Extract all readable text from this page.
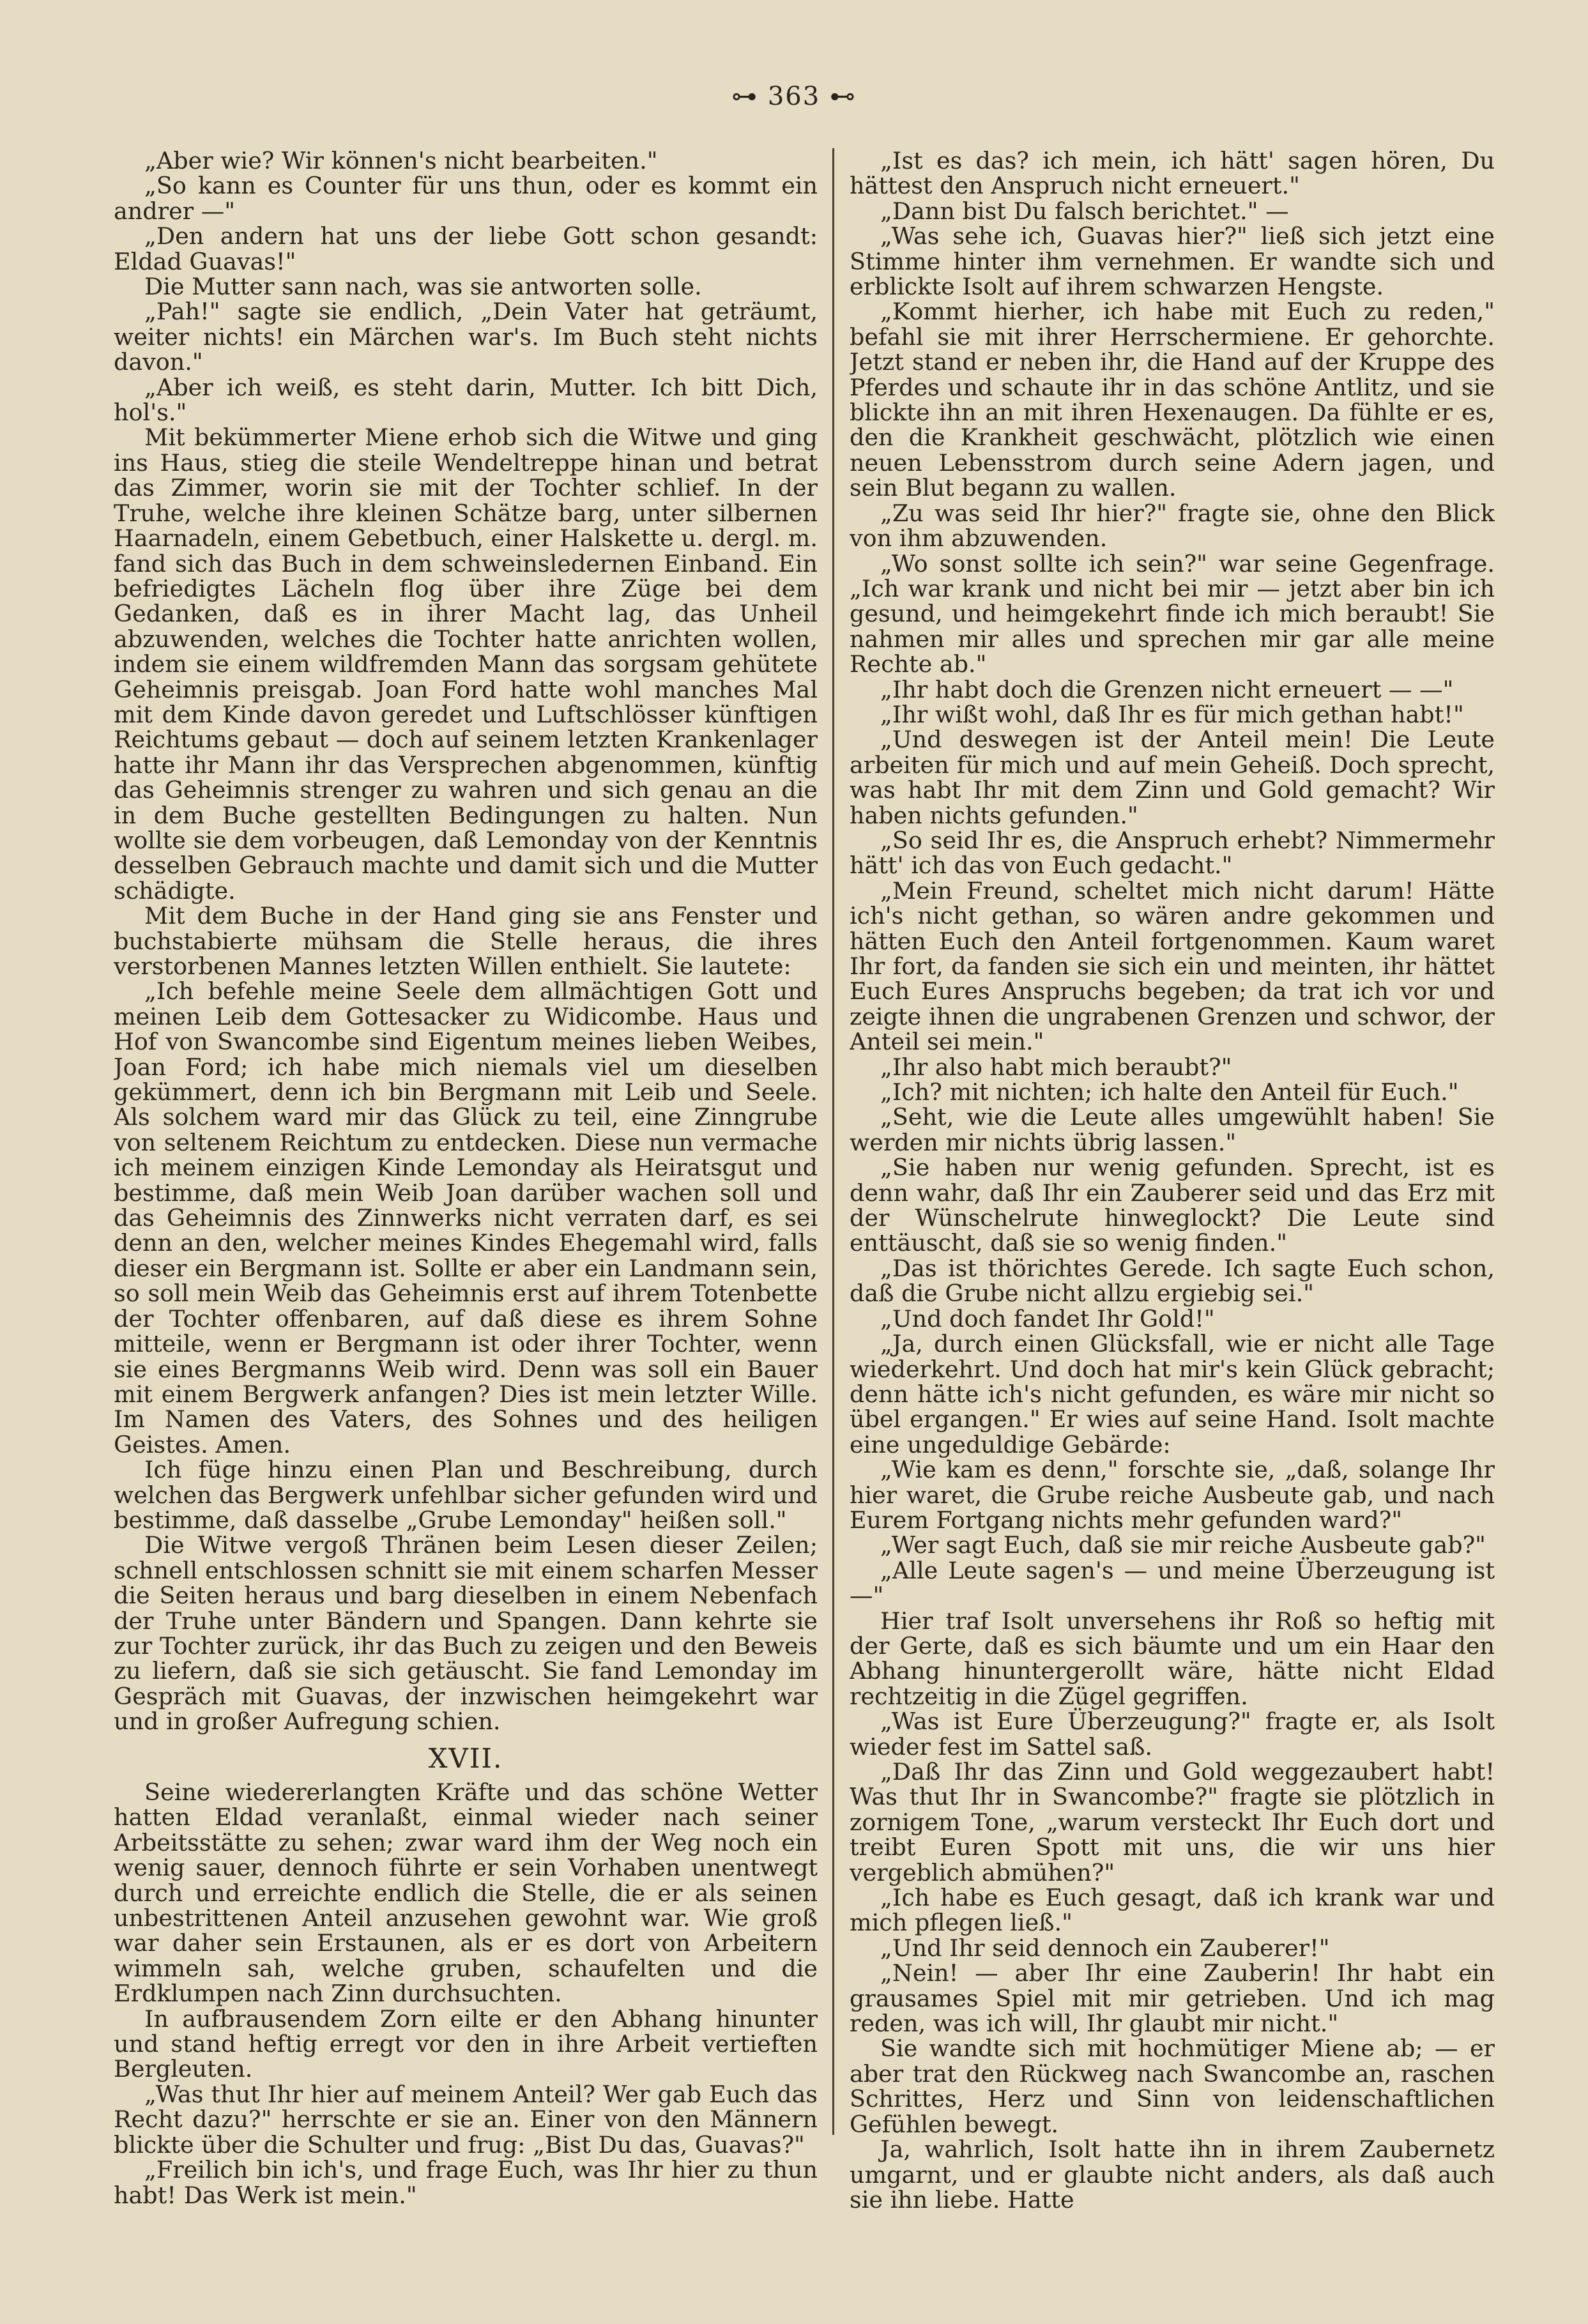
⊶ 363 ⊷

„Aber wie? Wir können's nicht bearbeiten."

„So kann es Counter für uns thun, oder es kommt ein andrer —"

„Den andern hat uns der liebe Gott schon gesandt: Eldad Guavas!"

Die Mutter sann nach, was sie antworten solle.

„Pah!" sagte sie endlich, „Dein Vater hat geträumt, weiter nichts! ein Märchen war's. Im Buch steht nichts davon."

„Aber ich weiß, es steht darin, Mutter. Ich bitt Dich, hol's."

Mit bekümmerter Miene erhob sich die Witwe und ging ins Haus, stieg die steile Wendeltreppe hinan und betrat das Zimmer, worin sie mit der Tochter schlief. In der Truhe, welche ihre kleinen Schätze barg, unter silbernen Haarnadeln, einem Gebetbuch, einer Halskette u. dergl. m. fand sich das Buch in dem schweinsledernen Einband. Ein befriedigtes Lächeln flog über ihre Züge bei dem Gedanken, daß es in ihrer Macht lag, das Unheil abzuwenden, welches die Tochter hatte anrichten wollen, indem sie einem wildfremden Mann das sorgsam gehütete Geheimnis preisgab. Joan Ford hatte wohl manches Mal mit dem Kinde davon geredet und Luftschlösser künftigen Reichtums gebaut — doch auf seinem letzten Krankenlager hatte ihr Mann ihr das Versprechen abgenommen, künftig das Geheimnis strenger zu wahren und sich genau an die in dem Buche gestellten Bedingungen zu halten. Nun wollte sie dem vorbeugen, daß Lemonday von der Kenntnis desselben Gebrauch machte und damit sich und die Mutter schädigte.

Mit dem Buche in der Hand ging sie ans Fenster und buchstabierte mühsam die Stelle heraus, die ihres verstorbenen Mannes letzten Willen enthielt. Sie lautete:

„Ich befehle meine Seele dem allmächtigen Gott und meinen Leib dem Gottesacker zu Widicombe. Haus und Hof von Swancombe sind Eigentum meines lieben Weibes, Joan Ford; ich habe mich niemals viel um dieselben gekümmert, denn ich bin Bergmann mit Leib und Seele. Als solchem ward mir das Glück zu teil, eine Zinngrube von seltenem Reichtum zu entdecken. Diese nun vermache ich meinem einzigen Kinde Lemonday als Heiratsgut und bestimme, daß mein Weib Joan darüber wachen soll und das Geheimnis des Zinnwerks nicht verraten darf, es sei denn an den, welcher meines Kindes Ehegemahl wird, falls dieser ein Bergmann ist. Sollte er aber ein Landmann sein, so soll mein Weib das Geheimnis erst auf ihrem Totenbette der Tochter offenbaren, auf daß diese es ihrem Sohne mitteile, wenn er Bergmann ist oder ihrer Tochter, wenn sie eines Bergmanns Weib wird. Denn was soll ein Bauer mit einem Bergwerk anfangen? Dies ist mein letzter Wille. Im Namen des Vaters, des Sohnes und des heiligen Geistes. Amen.

Ich füge hinzu einen Plan und Beschreibung, durch welchen das Bergwerk unfehlbar sicher gefunden wird und bestimme, daß dasselbe „Grube Lemonday" heißen soll."

Die Witwe vergoß Thränen beim Lesen dieser Zeilen; schnell entschlossen schnitt sie mit einem scharfen Messer die Seiten heraus und barg dieselben in einem Nebenfach der Truhe unter Bändern und Spangen. Dann kehrte sie zur Tochter zurück, ihr das Buch zu zeigen und den Beweis zu liefern, daß sie sich getäuscht. Sie fand Lemonday im Gespräch mit Guavas, der inzwischen heimgekehrt war und in großer Aufregung schien.

XVII.

Seine wiedererlangten Kräfte und das schöne Wetter hatten Eldad veranlaßt, einmal wieder nach seiner Arbeitsstätte zu sehen; zwar ward ihm der Weg noch ein wenig sauer, dennoch führte er sein Vorhaben unentwegt durch und erreichte endlich die Stelle, die er als seinen unbestrittenen Anteil anzusehen gewohnt war. Wie groß war daher sein Erstaunen, als er es dort von Arbeitern wimmeln sah, welche gruben, schaufelten und die Erdklumpen nach Zinn durchsuchten.

In aufbrausendem Zorn eilte er den Abhang hinunter und stand heftig erregt vor den in ihre Arbeit vertieften Bergleuten.

„Was thut Ihr hier auf meinem Anteil? Wer gab Euch das Recht dazu?" herrschte er sie an. Einer von den Männern blickte über die Schulter und frug: „Bist Du das, Guavas?"

„Freilich bin ich's, und frage Euch, was Ihr hier zu thun habt! Das Werk ist mein."

„Ist es das? ich mein, ich hätt' sagen hören, Du hättest den Anspruch nicht erneuert."

„Dann bist Du falsch berichtet." —

„Was sehe ich, Guavas hier?" ließ sich jetzt eine Stimme hinter ihm vernehmen. Er wandte sich und erblickte Isolt auf ihrem schwarzen Hengste.

„Kommt hierher, ich habe mit Euch zu reden," befahl sie mit ihrer Herrschermiene. Er gehorchte. Jetzt stand er neben ihr, die Hand auf der Kruppe des Pferdes und schaute ihr in das schöne Antlitz, und sie blickte ihn an mit ihren Hexenaugen. Da fühlte er es, den die Krankheit geschwächt, plötzlich wie einen neuen Lebensstrom durch seine Adern jagen, und sein Blut begann zu wallen.

„Zu was seid Ihr hier?" fragte sie, ohne den Blick von ihm abzuwenden.

„Wo sonst sollte ich sein?" war seine Gegenfrage. „Ich war krank und nicht bei mir — jetzt aber bin ich gesund, und heimgekehrt finde ich mich beraubt! Sie nahmen mir alles und sprechen mir gar alle meine Rechte ab."

„Ihr habt doch die Grenzen nicht erneuert — —"

„Ihr wißt wohl, daß Ihr es für mich gethan habt!"

„Und deswegen ist der Anteil mein! Die Leute arbeiten für mich und auf mein Geheiß. Doch sprecht, was habt Ihr mit dem Zinn und Gold gemacht? Wir haben nichts gefunden."

„So seid Ihr es, die Anspruch erhebt? Nimmermehr hätt' ich das von Euch gedacht."

„Mein Freund, scheltet mich nicht darum! Hätte ich's nicht gethan, so wären andre gekommen und hätten Euch den Anteil fortgenommen. Kaum waret Ihr fort, da fanden sie sich ein und meinten, ihr hättet Euch Eures Anspruchs begeben; da trat ich vor und zeigte ihnen die ungrabenen Grenzen und schwor, der Anteil sei mein."

„Ihr also habt mich beraubt?"

„Ich? mit nichten; ich halte den Anteil für Euch."

„Seht, wie die Leute alles umgewühlt haben! Sie werden mir nichts übrig lassen."

„Sie haben nur wenig gefunden. Sprecht, ist es denn wahr, daß Ihr ein Zauberer seid und das Erz mit der Wünschelrute hinweglockt? Die Leute sind enttäuscht, daß sie so wenig finden."

„Das ist thörichtes Gerede. Ich sagte Euch schon, daß die Grube nicht allzu ergiebig sei."

„Und doch fandet Ihr Gold!"

„Ja, durch einen Glücksfall, wie er nicht alle Tage wiederkehrt. Und doch hat mir's kein Glück gebracht; denn hätte ich's nicht gefunden, es wäre mir nicht so übel ergangen." Er wies auf seine Hand. Isolt machte eine ungeduldige Gebärde:

„Wie kam es denn," forschte sie, „daß, solange Ihr hier waret, die Grube reiche Ausbeute gab, und nach Eurem Fortgang nichts mehr gefunden ward?"

„Wer sagt Euch, daß sie mir reiche Ausbeute gab?"

„Alle Leute sagen's — und meine Überzeugung ist —"

Hier traf Isolt unversehens ihr Roß so heftig mit der Gerte, daß es sich bäumte und um ein Haar den Abhang hinuntergerollt wäre, hätte nicht Eldad rechtzeitig in die Zügel gegriffen.

„Was ist Eure Überzeugung?" fragte er, als Isolt wieder fest im Sattel saß.

„Daß Ihr das Zinn und Gold weggezaubert habt! Was thut Ihr in Swancombe?" fragte sie plötzlich in zornigem Tone, „warum versteckt Ihr Euch dort und treibt Euren Spott mit uns, die wir uns hier vergeblich abmühen?"

„Ich habe es Euch gesagt, daß ich krank war und mich pflegen ließ."

„Und Ihr seid dennoch ein Zauberer!"

„Nein! — aber Ihr eine Zauberin! Ihr habt ein grausames Spiel mit mir getrieben. Und ich mag reden, was ich will, Ihr glaubt mir nicht."

Sie wandte sich mit hochmütiger Miene ab; — er aber trat den Rückweg nach Swancombe an, raschen Schrittes, Herz und Sinn von leidenschaftlichen Gefühlen bewegt.

Ja, wahrlich, Isolt hatte ihn in ihrem Zaubernetz umgarnt, und er glaubte nicht anders, als daß auch sie ihn liebe. Hatte
